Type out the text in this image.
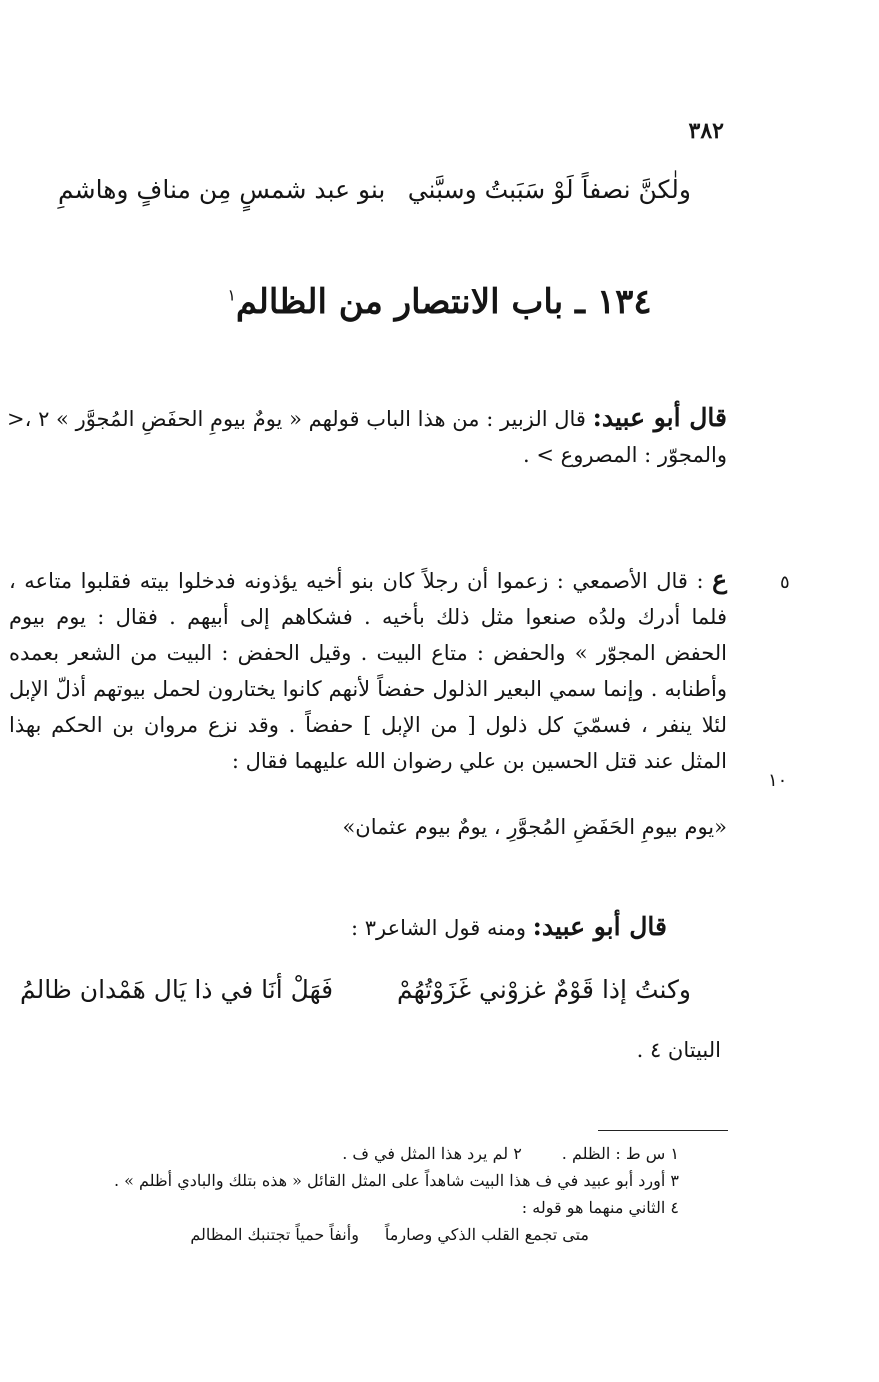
٣٨٢
ولٰكنَّ نصفاً لَوْ سَبَبتُ وسبَّني
بنو عبد شمسٍ مِن منافٍ وهاشمِ
١٣٤ ـ باب الانتصار من الظالم$^١$
قال أبو عبيد: قال الزبير : من هذا الباب قولهم « يومٌ بيومِ الحفَضِ المُجوَّر » ٢ ،< والمجوّر : المصروع > .
٥
ع : قال الأصمعي : زعموا أن رجلاً كان بنو أخيه يؤذونه فدخلوا بيته فقلبوا متاعه ، فلما أدرك ولدُه صنعوا مثل ذلك بأخيه . فشكاهم إلى أبيهم . فقال : يوم بيوم الحفض المجوّر » والحفض : متاع البيت . وقيل الحفض : البيت من الشعر بعمده وأطنابه . وإنما سمي البعير الذلول حفضاً لأنهم كانوا يختارون لحمل بيوتهم أذلّ الإبل لئلا ينفر ، فسمّيَ كل ذلول [ من الإبل ] حفضاً . وقد نزع مروان بن الحكم بهذا المثل عند قتل الحسين بن علي رضوان الله عليهما فقال :
«يوم بيومِ الحَفَضِ المُجوَّرِ ، يومٌ بيوم عثمان»
١٠
قال أبو عبيد: ومنه قول الشاعر٣ :
وكنتُ إذا قَوْمٌ غزوْني غَزَوْتُهُمْ
فَهَلْ أنَا في ذا يَال هَمْدان ظالمُ
البيتان ٤ .
١ س ط : الظلم .٢ لم يرد هذا المثل في ف .
٣ أورد أبو عبيد في ف هذا البيت شاهداً على المثل القائل « هذه بتلك والبادي أظلم » .
٤ الثاني منهما هو قوله :
متى تجمع القلب الذكي وصارماًوأنفاً حمياً تجتنبك المظالم
